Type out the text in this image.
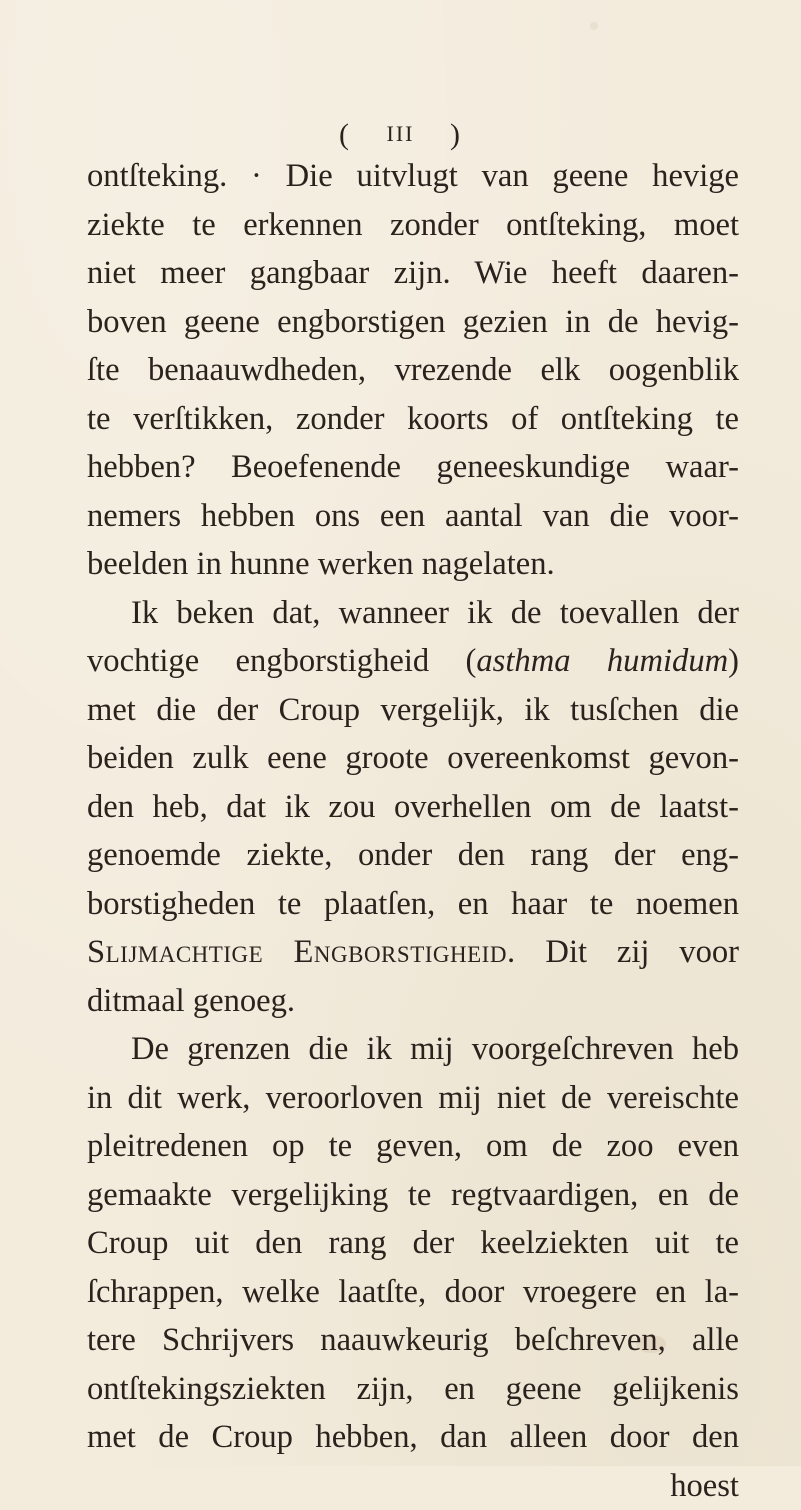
( III )
ontſteking. · Die uitvlugt van geene hevige
ziekte te erkennen zonder ontſteking, moet
niet meer gangbaar zijn. Wie heeft daaren-
boven geene engborstigen gezien in de hevig-
ſte benaauwdheden, vrezende elk oogenblik
te verſtikken, zonder koorts of ontſteking te
hebben? Beoefenende geneeskundige waar-
nemers hebben ons een aantal van die voor-
beelden in hunne werken nagelaten.
Ik beken dat, wanneer ik de toevallen der
vochtige engborstigheid (asthma humidum)
met die der Croup vergelijk, ik tusſchen die
beiden zulk eene groote overeenkomst gevon-
den heb, dat ik zou overhellen om de laatst-
genoemde ziekte, onder den rang der eng-
borstigheden te plaatſen, en haar te noemen
Slijmachtige Engborstigheid. Dit zij voor
ditmaal genoeg.
De grenzen die ik mij voorgeſchreven heb
in dit werk, veroorloven mij niet de vereischte
pleitredenen op te geven, om de zoo even
gemaakte vergelijking te regtvaardigen, en de
Croup uit den rang der keelziekten uit te
ſchrappen, welke laatſte, door vroegere en la-
tere Schrijvers naauwkeurig beſchreven, alle
ontſtekingsziekten zijn, en geene gelijkenis
met de Croup hebben, dan alleen door den
hoest
